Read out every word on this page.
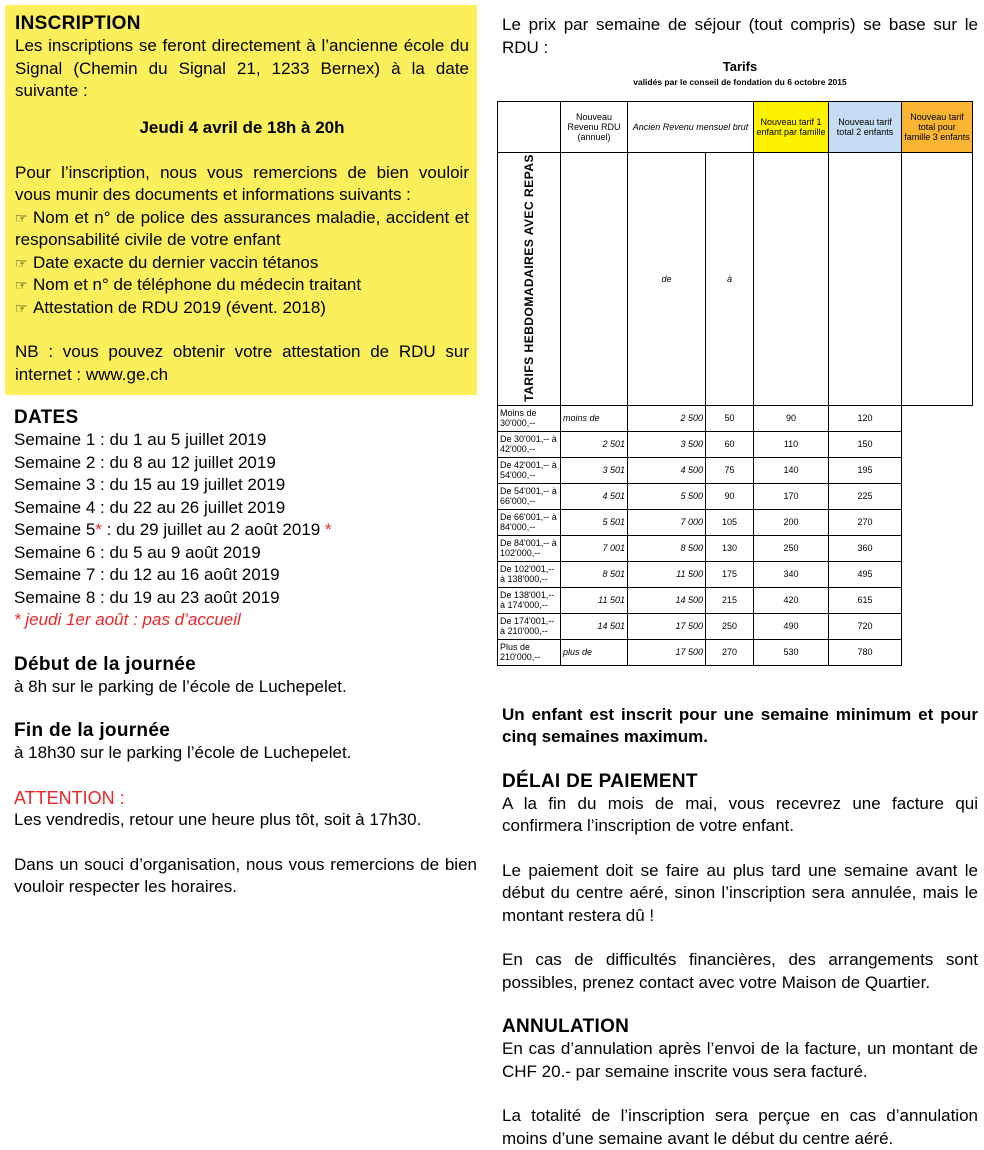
INSCRIPTION
Les inscriptions se feront directement à l’ancienne école du Signal (Chemin du Signal 21, 1233 Bernex) à la date suivante :
Jeudi 4 avril de 18h à 20h
Pour l’inscription, nous vous remercions de bien vouloir vous munir des documents et informations suivants :
☞ Nom et n° de police des assurances maladie, accident et responsabilité civile de votre enfant
☞ Date exacte du dernier vaccin tétanos
☞ Nom et n° de téléphone du médecin traitant
☞ Attestation de RDU 2019 (évent. 2018)
NB : vous pouvez obtenir votre attestation de RDU sur internet : www.ge.ch
DATES
Semaine 1 : du 1 au 5 juillet 2019
Semaine 2 : du 8 au 12 juillet 2019
Semaine 3 : du 15 au 19 juillet 2019
Semaine 4 : du 22 au 26 juillet 2019
Semaine 5* : du 29 juillet au 2 août 2019 *
Semaine 6 : du 5 au 9 août 2019
Semaine 7 : du 12 au 16 août 2019
Semaine 8 : du 19 au 23 août 2019
* jeudi 1er août : pas d’accueil
Début de la journée
à 8h sur le parking de l’école de Luchepelet.
Fin de la journée
à 18h30 sur le parking l’école de Luchepelet.
ATTENTION :
Les vendredis, retour une heure plus tôt, soit à 17h30.
Dans un souci d’organisation, nous vous remercions de bien vouloir respecter les horaires.
Le prix par semaine de séjour (tout compris) se base sur le RDU :
Tarifs
validés par le conseil de fondation du 6 octobre 2015
	Nouveau Revenu RDU (annuel)	Ancien Revenu mensuel brut		Nouveau tarif 1 enfant par famille	Nouveau tarif total 2 enfants	Nouveau tarif total pour famille 3 enfants
TARIFS HEBDOMADAIRES AVEC REPAS		de	à			
Moins de 30'000,--	moins de	2 500	50	90	120	
De 30'001,-- à 42'000,--	2 501	3 500	60	110	150	
De 42'001,-- à 54'000,--	3 501	4 500	75	140	195	
De 54'001,-- à 66'000,--	4 501	5 500	90	170	225	
De 66'001,-- à 84'000,--	5 501	7 000	105	200	270	
De 84'001,-- à 102'000,--	7 001	8 500	130	250	360	
De 102'001,-- à 138'000,--	8 501	11 500	175	340	495	
De 138'001,-- à 174'000,--	11 501	14 500	215	420	615	
De 174'001,-- à 210'000,--	14 501	17 500	250	490	720	
Plus de 210'000,--	plus de	17 500	270	530	780	
Un enfant est inscrit pour une semaine minimum et pour cinq semaines maximum.
DÉLAI DE PAIEMENT
A la fin du mois de mai, vous recevrez une facture qui confirmera l’inscription de votre enfant.
Le paiement doit se faire au plus tard une semaine avant le début du centre aéré, sinon l’inscription sera annulée, mais le montant restera dû !
En cas de difficultés financières, des arrangements sont possibles, prenez contact avec votre Maison de Quartier.
ANNULATION
En cas d’annulation après l’envoi de la facture, un montant de CHF 20.- par semaine inscrite vous sera facturé.
La totalité de l’inscription sera perçue en cas d’annulation moins d’une semaine avant le début du centre aéré.
